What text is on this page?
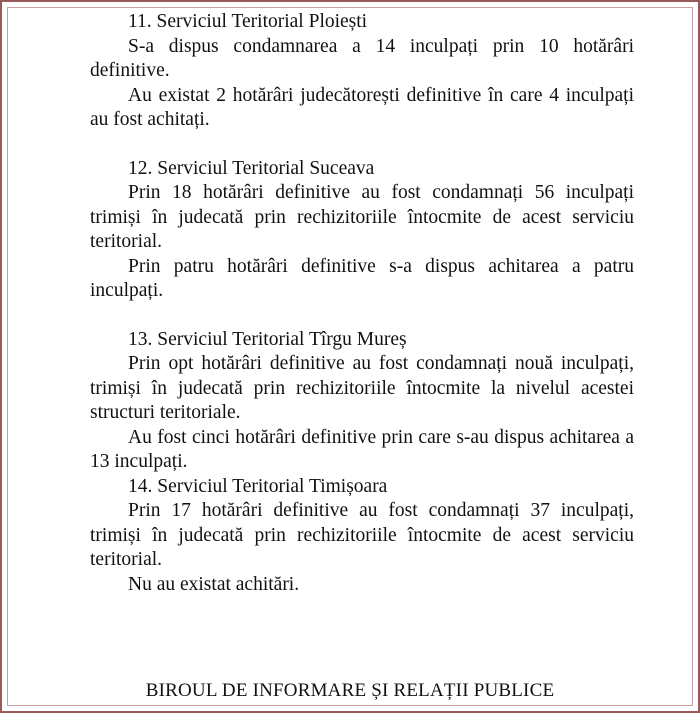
11. Serviciul Teritorial Ploiești

S-a dispus condamnarea a 14 inculpați prin 10 hotărâri definitive.

Au existat 2 hotărâri judecătorești definitive în care 4 inculpați au fost achitați.

12. Serviciul Teritorial Suceava

Prin 18 hotărâri definitive au fost condamnați 56 inculpați trimiși în judecată prin rechizitoriile întocmite de acest serviciu teritorial.

Prin patru hotărâri definitive s-a dispus achitarea a patru inculpați.

13. Serviciul Teritorial Tîrgu Mureș

Prin opt hotărâri definitive au fost condamnați nouă inculpați, trimiși în judecată prin rechizitoriile întocmite la nivelul acestei structuri teritoriale.

Au fost cinci hotărâri definitive prin care s-au dispus achitarea a 13 inculpați.

14. Serviciul Teritorial Timișoara

Prin 17 hotărâri definitive au fost condamnați 37 inculpați, trimiși în judecată prin rechizitoriile întocmite de acest serviciu teritorial.

Nu au existat achitări.

BIROUL DE INFORMARE ȘI RELAȚII PUBLICE
